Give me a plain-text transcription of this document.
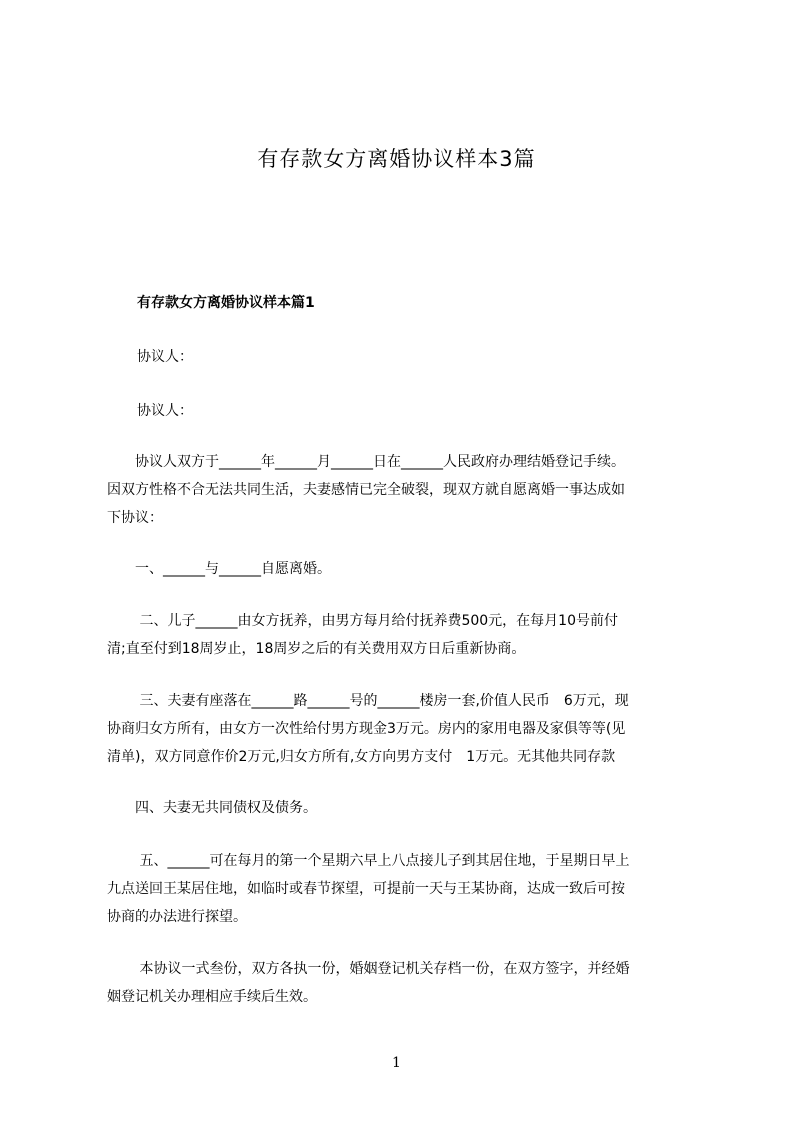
有存款女方离婚协议样本3篇
有存款女方离婚协议样本篇1
协议人：
协议人：
　　协议人双方于______年______月______日在______人民政府办理结婚登记手续。
因双方性格不合无法共同生活，夫妻感情已完全破裂，现双方就自愿离婚一事达成如
下协议：
　　一、______与______自愿离婚。
　　 二、儿子______由女方抚养，由男方每月给付抚养费500元，在每月10号前付
清;直至付到18周岁止，18周岁之后的有关费用双方日后重新协商。
　　 三、夫妻有座落在______路______号的______楼房一套,价值人民币　6万元，现
协商归女方所有，由女方一次性给付男方现金3万元。房内的家用电器及家俱等等(见
清单)，双方同意作价2万元,归女方所有,女方向男方支付　1万元。无其他共同存款
　　四、夫妻无共同债权及债务。
　　 五、______可在每月的第一个星期六早上八点接儿子到其居住地，于星期日早上
九点送回王某居住地，如临时或春节探望，可提前一天与王某协商，达成一致后可按
协商的办法进行探望。
　　 本协议一式叁份，双方各执一份，婚姻登记机关存档一份，在双方签字，并经婚
姻登记机关办理相应手续后生效。
1
